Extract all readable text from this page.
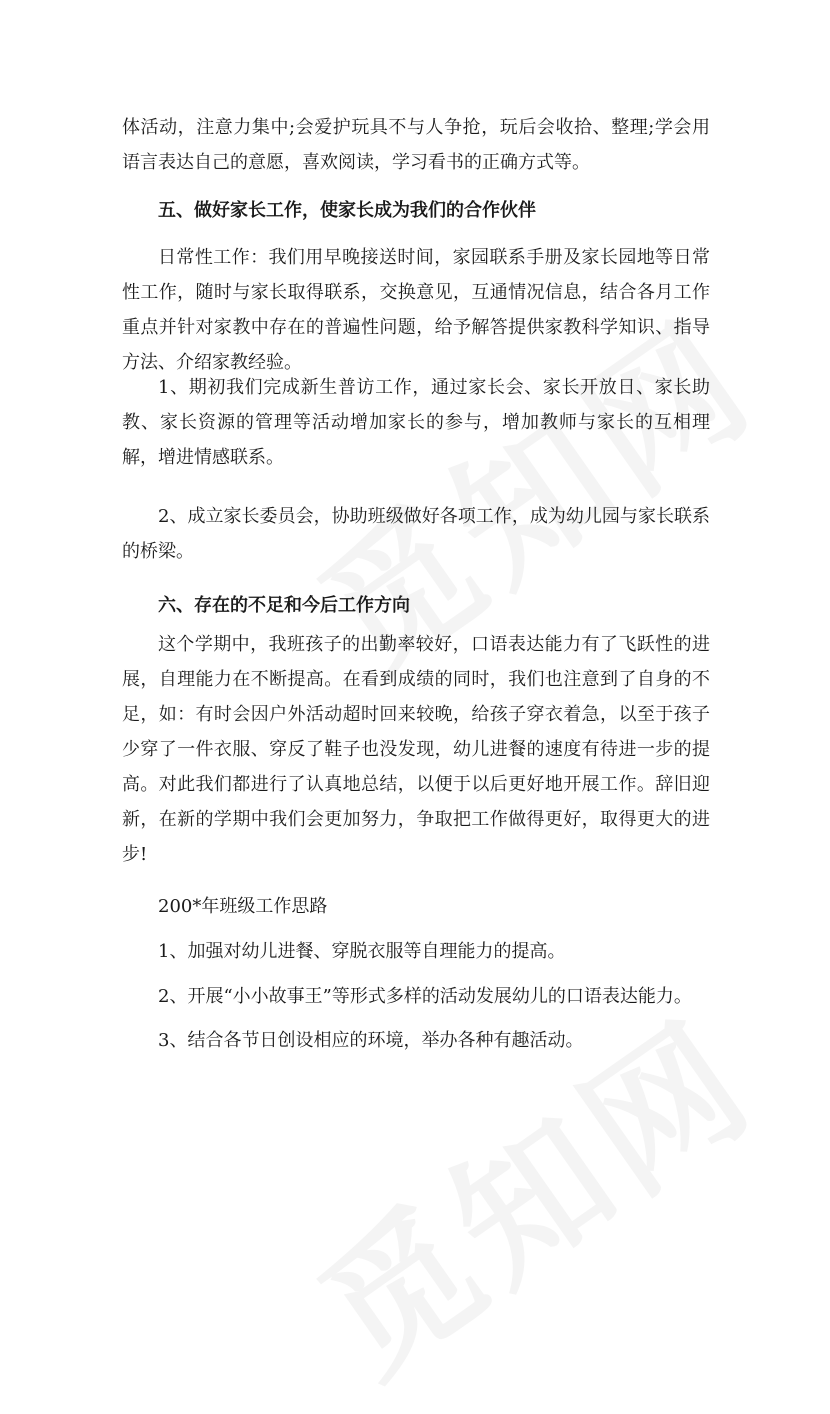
体活动，注意力集中;会爱护玩具不与人争抢，玩后会收拾、整理;学会用语言表达自己的意愿，喜欢阅读，学习看书的正确方式等。

五、做好家长工作，使家长成为我们的合作伙伴

日常性工作：我们用早晚接送时间，家园联系手册及家长园地等日常性工作，随时与家长取得联系，交换意见，互通情况信息，结合各月工作重点并针对家教中存在的普遍性问题，给予解答提供家教科学知识、指导方法、介绍家教经验。

1、期初我们完成新生普访工作，通过家长会、家长开放日、家长助教、家长资源的管理等活动增加家长的参与，增加教师与家长的互相理解，增进情感联系。

2、成立家长委员会，协助班级做好各项工作，成为幼儿园与家长联系的桥梁。

六、存在的不足和今后工作方向

这个学期中，我班孩子的出勤率较好，口语表达能力有了飞跃性的进展，自理能力在不断提高。在看到成绩的同时，我们也注意到了自身的不足，如：有时会因户外活动超时回来较晚，给孩子穿衣着急，以至于孩子少穿了一件衣服、穿反了鞋子也没发现，幼儿进餐的速度有待进一步的提高。对此我们都进行了认真地总结，以便于以后更好地开展工作。辞旧迎新，在新的学期中我们会更加努力，争取把工作做得更好，取得更大的进步!

200*年班级工作思路

1、加强对幼儿进餐、穿脱衣服等自理能力的提高。

2、开展“小小故事王”等形式多样的活动发展幼儿的口语表达能力。

3、结合各节日创设相应的环境，举办各种有趣活动。
